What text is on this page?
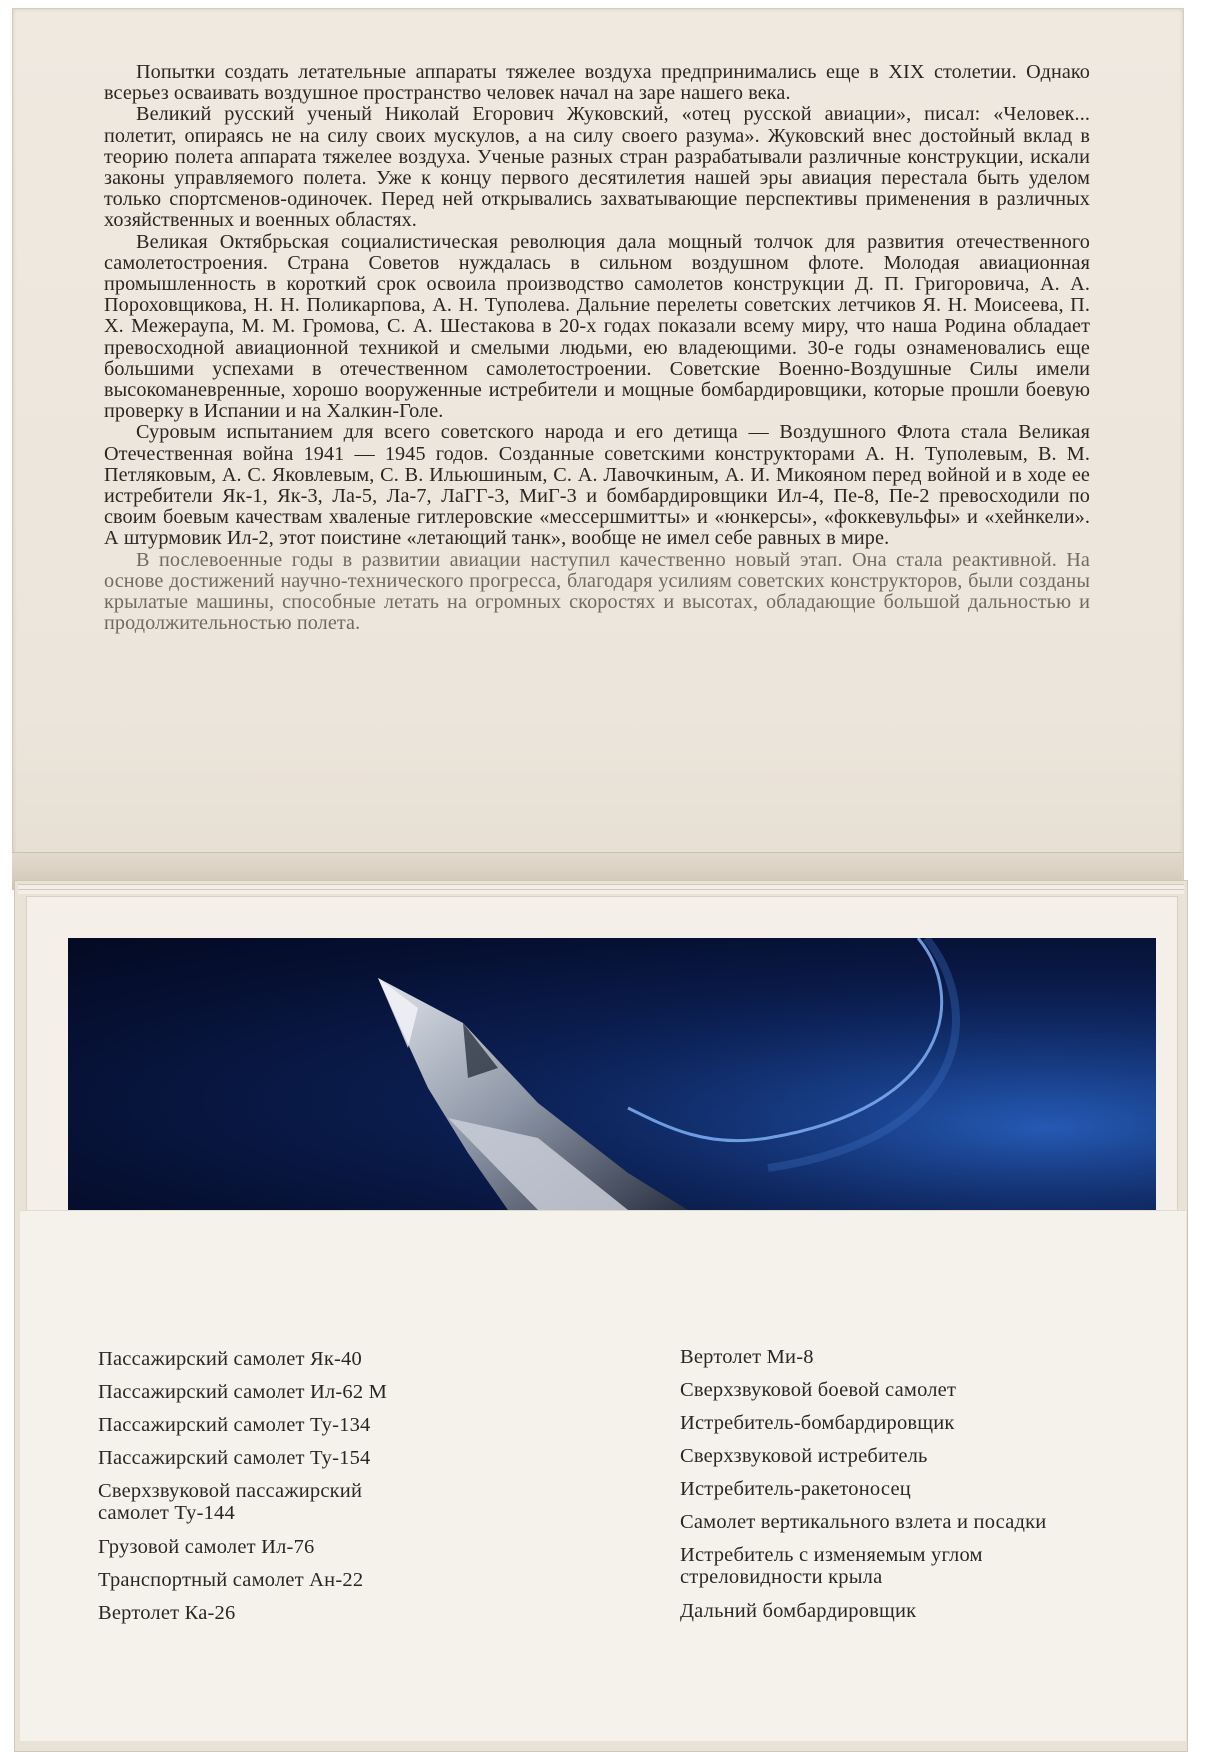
Попытки создать летательные аппараты тяжелее воздуха предпринимались еще в XIX столетии. Однако всерьез осваивать воздушное пространство человек начал на заре нашего века.

Великий русский ученый Николай Егорович Жуковский, «отец русской авиации», писал: «Человек... полетит, опираясь не на силу своих мускулов, а на силу своего разума». Жуковский внес достойный вклад в теорию полета аппарата тяжелее воздуха. Ученые разных стран разрабатывали различные конструкции, искали законы управляемого полета. Уже к концу первого десятилетия нашей эры авиация перестала быть уделом только спортсменов-одиночек. Перед ней открывались захватывающие перспективы применения в различных хозяйственных и военных областях.

Великая Октябрьская социалистическая революция дала мощный толчок для развития отечественного самолетостроения. Страна Советов нуждалась в сильном воздушном флоте. Молодая авиационная промышленность в короткий срок освоила производство самолетов конструкции Д. П. Григоровича, А. А. Пороховщикова, Н. Н. Поликарпова, А. Н. Туполева. Дальние перелеты советских летчиков Я. Н. Моисеева, П. Х. Межераупа, М. М. Громова, С. А. Шестакова в 20-х годах показали всему миру, что наша Родина обладает превосходной авиационной техникой и смелыми людьми, ею владеющими. 30-е годы ознаменовались еще большими успехами в отечественном самолетостроении. Советские Военно-Воздушные Силы имели высокоманевренные, хорошо вооруженные истребители и мощные бомбардировщики, которые прошли боевую проверку в Испании и на Халкин-Голе.

Суровым испытанием для всего советского народа и его детища — Воздушного Флота стала Великая Отечественная война 1941 — 1945 годов. Созданные советскими конструкторами А. Н. Туполевым, В. М. Петляковым, А. С. Яковлевым, С. В. Ильюшиным, С. А. Лавочкиным, А. И. Микояном перед войной и в ходе ее истребители Як-1, Як-3, Ла-5, Ла-7, ЛаГГ-3, МиГ-3 и бомбардировщики Ил-4, Пе-8, Пе-2 превосходили по своим боевым качествам хваленые гитлеровские «мессершмитты» и «юнкерсы», «фоккевульфы» и «хейнкели». А штурмовик Ил-2, этот поистине «летающий танк», вообще не имел себе равных в мире.

В послевоенные годы в развитии авиации наступил качественно новый этап. Она стала реактивной. На основе достижений научно-технического прогресса, благодаря усилиям советских конструкторов, были созданы крылатые машины, способные летать на огромных скоростях и высотах, обладающие большой дальностью и продолжительностью полета.

Пассажирский самолет Як-40
Пассажирский самолет Ил-62 М
Пассажирский самолет Ту-134
Пассажирский самолет Ту-154
Сверхзвуковой пассажирский
самолет Ту-144
Грузовой самолет Ил-76
Транспортный самолет Ан-22
Вертолет Ка-26
Вертолет Ми-8
Сверхзвуковой боевой самолет
Истребитель-бомбардировщик
Сверхзвуковой истребитель
Истребитель-ракетоносец
Самолет вертикального взлета и посадки
Истребитель с изменяемым углом
стреловидности крыла
Дальний бомбардировщик
